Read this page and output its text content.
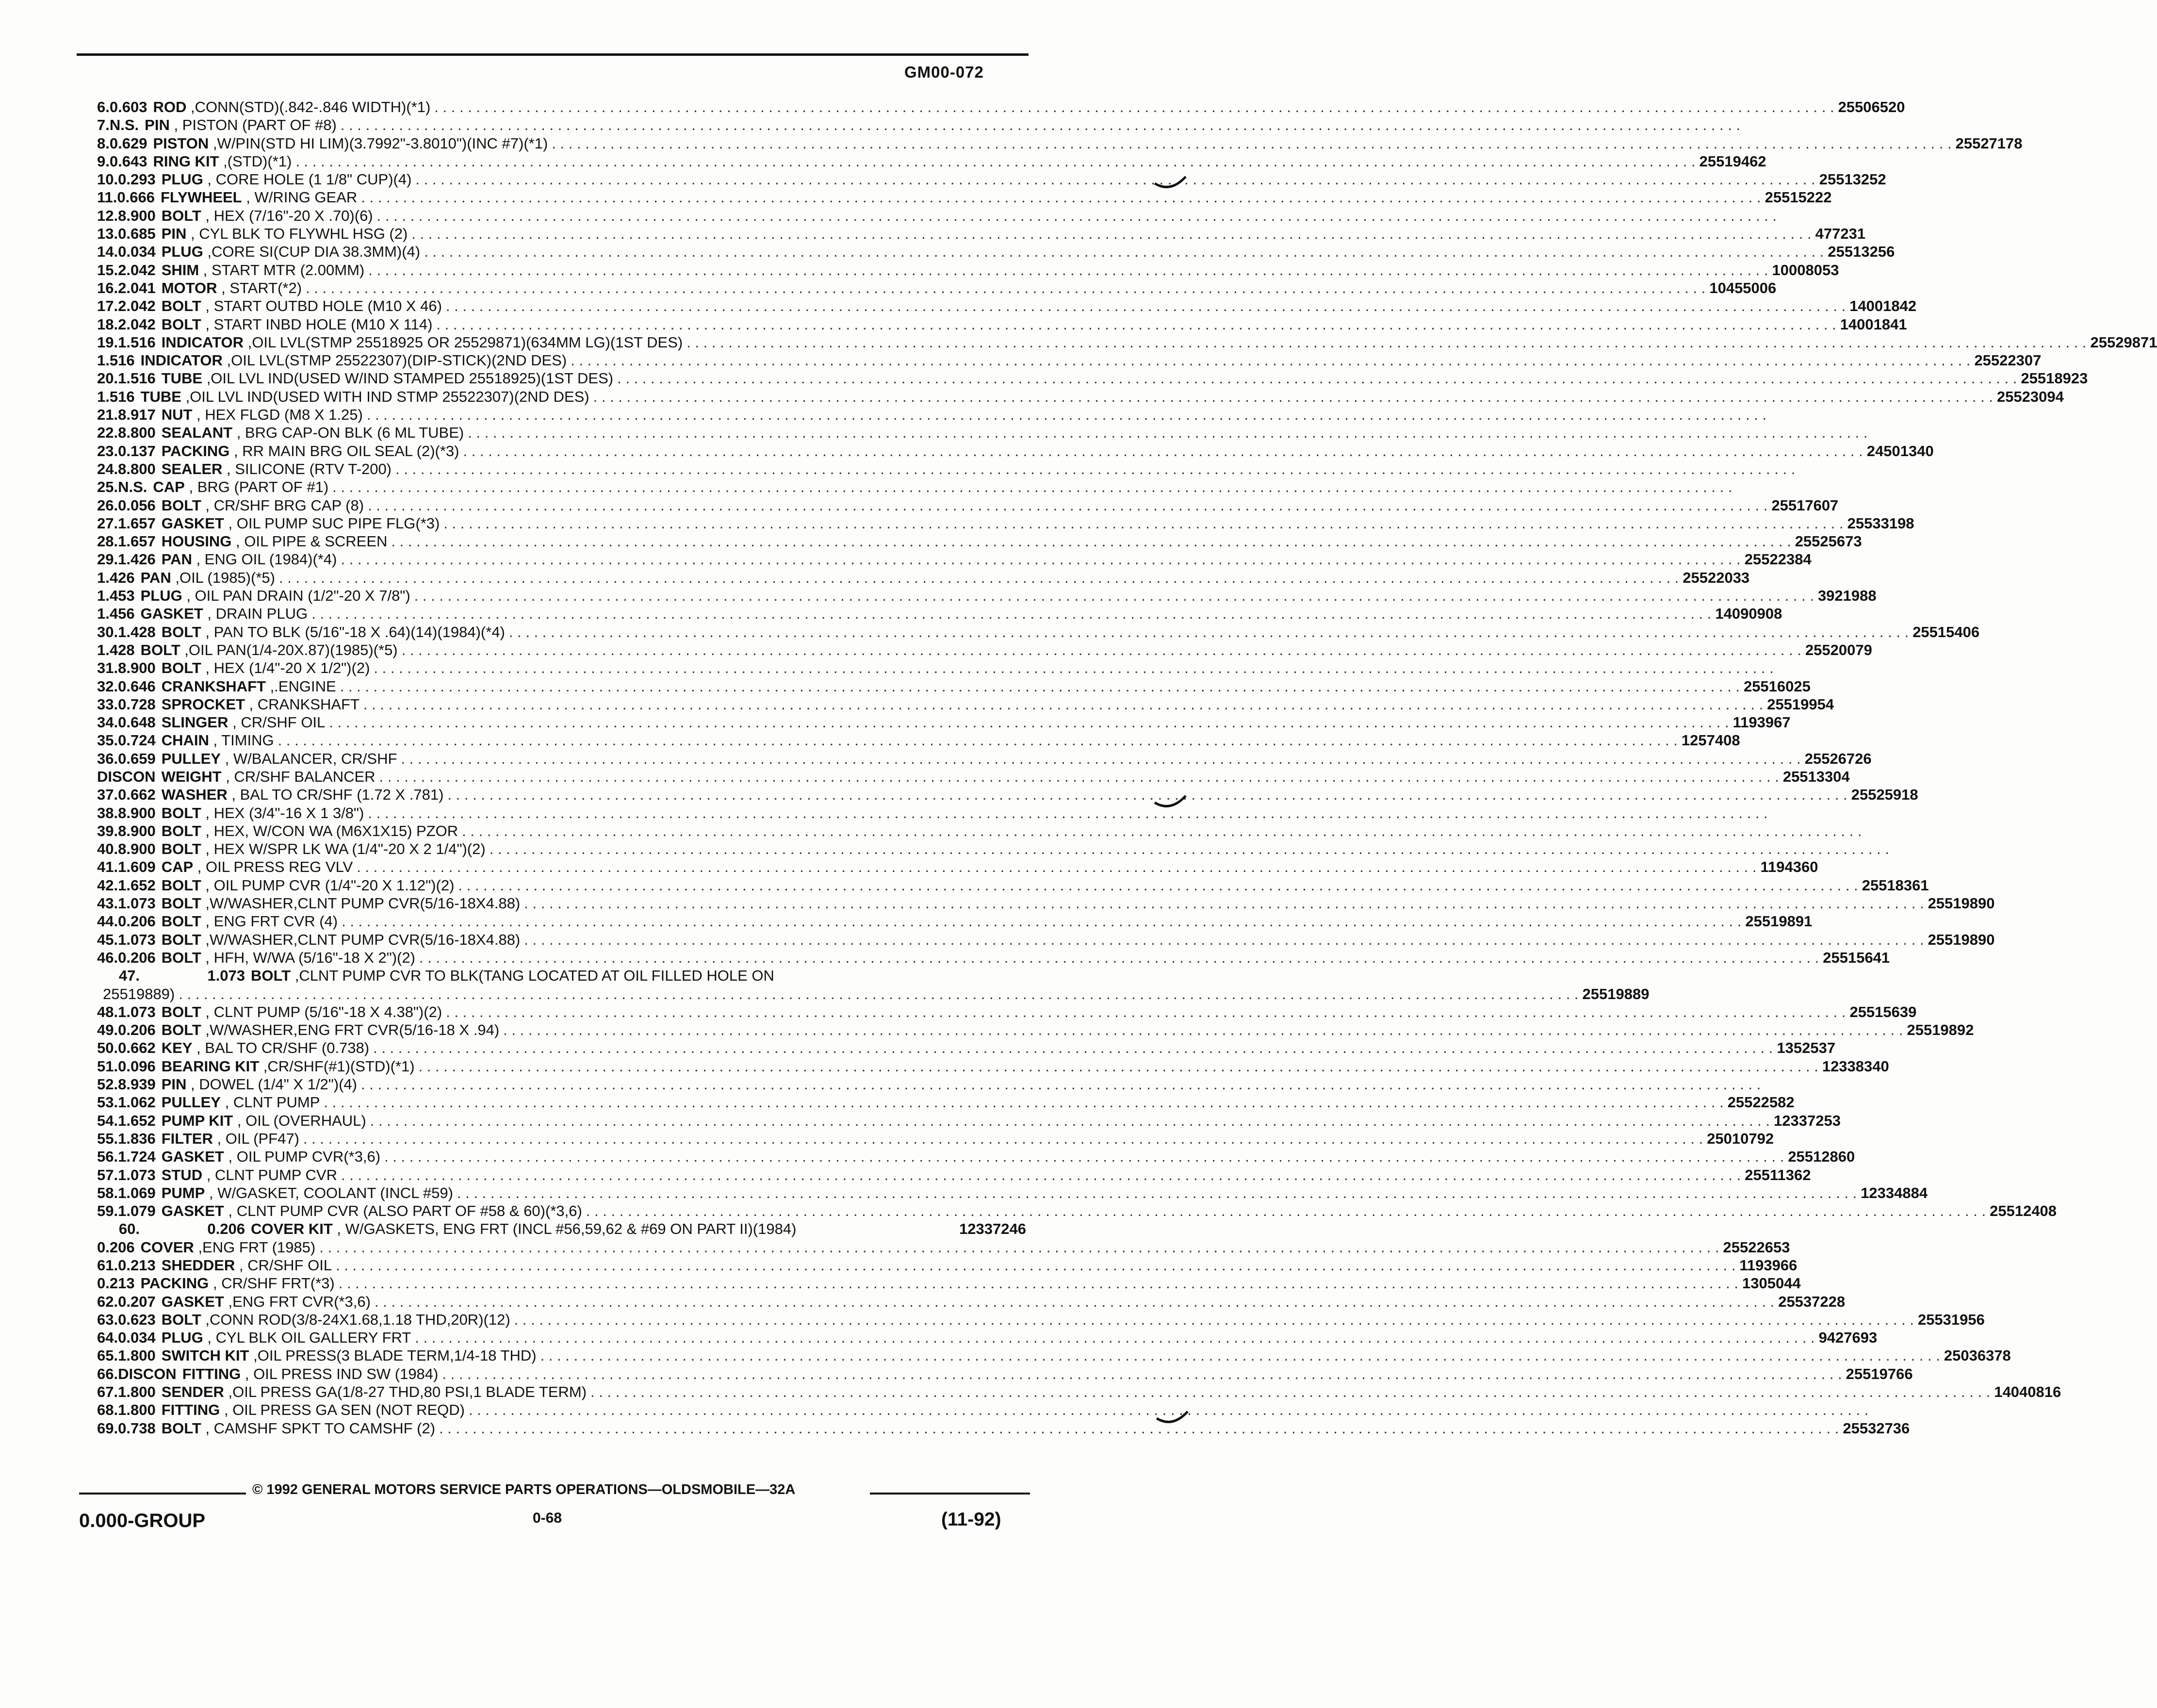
GM00-072
6. 0.603 ROD ,CONN(STD)(.842-.846 WIDTH)(*1) . . .	25506520
7. N.S. PIN , PISTON (PART OF #8)
. . .
8. 0.629 PISTON ,W/PIN(STD HI LIM)(3.7992"-3.8010")(INC #7)(*1) . . .	25527178
9. 0.643 RING KIT ,(STD)(*1) . . .	25519462
10. 0.293 PLUG , CORE HOLE (1 1/8" CUP)(4) . . .	25513252
11. 0.666 FLYWHEEL , W/RING GEAR . . .	25515222
12. 8.900 BOLT , HEX (7/16"-20 X .70)(6)
. . .
13. 0.685 PIN , CYL BLK TO FLYWHL HSG (2) . . .	477231
14. 0.034 PLUG ,CORE SI(CUP DIA 38.3MM)(4) . . .	25513256
15. 2.042 SHIM , START MTR (2.00MM) . . .	10008053
16. 2.041 MOTOR , START(*2) . . .	10455006
17. 2.042 BOLT , START OUTBD HOLE (M10 X 46) . . .	14001842
18. 2.042 BOLT , START INBD HOLE (M10 X 114) . . .	14001841
19. 1.516 INDICATOR ,OIL LVL(STMP 25518925 OR 25529871)(634MM LG)(1ST DES) . . .	25529871
1.516 INDICATOR ,OIL LVL(STMP 25522307)(DIP-STICK)(2ND DES) . . .	25522307
20. 1.516 TUBE ,OIL LVL IND(USED W/IND STAMPED 25518925)(1ST DES) . . .	25518923
1.516 TUBE ,OIL LVL IND(USED WITH IND STMP 25522307)(2ND DES) . . .	25523094
21. 8.917 NUT , HEX FLGD (M8 X 1.25)
. . .
22. 8.800 SEALANT , BRG CAP-ON BLK (6 ML TUBE)
. . .
23. 0.137 PACKING , RR MAIN BRG OIL SEAL (2)(*3) . . .	24501340
24. 8.800 SEALER , SILICONE (RTV T-200)
. . .
25. N.S. CAP , BRG (PART OF #1)
. . .
26. 0.056 BOLT , CR/SHF BRG CAP (8) . . .	25517607
27. 1.657 GASKET , OIL PUMP SUC PIPE FLG(*3) . . .	25533198
28. 1.657 HOUSING , OIL PIPE & SCREEN . . .	25525673
29. 1.426 PAN , ENG OIL (1984)(*4) . . .	25522384
1.426 PAN ,OIL (1985)(*5) . . .	25522033
1.453 PLUG , OIL PAN DRAIN (1/2"-20 X 7/8") . . .	3921988
1.456 GASKET , DRAIN PLUG . . .	14090908
30. 1.428 BOLT , PAN TO BLK (5/16"-18 X .64)(14)(1984)(*4) . . .	25515406
1.428 BOLT ,OIL PAN(1/4-20X.87)(1985)(*5) . . .	25520079
31. 8.900 BOLT , HEX (1/4"-20 X 1/2")(2)
. . .
32. 0.646 CRANKSHAFT ,.ENGINE . . .	25516025
33. 0.728 SPROCKET , CRANKSHAFT . . .	25519954
34. 0.648 SLINGER , CR/SHF OIL . . .	1193967
35. 0.724 CHAIN , TIMING . . .	1257408
36. 0.659 PULLEY , W/BALANCER, CR/SHF . . .	25526726
DISCON WEIGHT , CR/SHF BALANCER . . .	25513304
37. 0.662 WASHER , BAL TO CR/SHF (1.72 X .781) . . .	25525918
38. 8.900 BOLT , HEX (3/4"-16 X 1 3/8")
. . .
39. 8.900 BOLT , HEX, W/CON WA (M6X1X15) PZOR
. . .
40. 8.900 BOLT , HEX W/SPR LK WA (1/4"-20 X 2 1/4")(2)
. . .
41. 1.609 CAP , OIL PRESS REG VLV . . .	1194360
42. 1.652 BOLT , OIL PUMP CVR (1/4"-20 X 1.12")(2) . . .	25518361
43. 1.073 BOLT ,W/WASHER,CLNT PUMP CVR(5/16-18X4.88) . . .	25519890
44. 0.206 BOLT , ENG FRT CVR (4) . . .	25519891
45. 1.073 BOLT ,W/WASHER,CLNT PUMP CVR(5/16-18X4.88) . . .	25519890
46. 0.206 BOLT , HFH, W/WA (5/16"-18 X 2")(2) . . .	25515641
47.	1.073 BOLT ,CLNT PUMP CVR TO BLK(TANG LOCATED AT OIL FILLED HOLE ON
25519889) . . .	25519889
48. 1.073 BOLT , CLNT PUMP (5/16"-18 X 4.38")(2) . . .	25515639
49. 0.206 BOLT ,W/WASHER,ENG FRT CVR(5/16-18 X .94) . . .	25519892
50. 0.662 KEY , BAL TO CR/SHF (0.738) . . .	1352537
51. 0.096 BEARING KIT ,CR/SHF(#1)(STD)(*1) . . .	12338340
52. 8.939 PIN , DOWEL (1/4" X 1/2")(4)
. . .
53. 1.062 PULLEY , CLNT PUMP . . .	25522582
54. 1.652 PUMP KIT , OIL (OVERHAUL) . . .	12337253
55. 1.836 FILTER , OIL (PF47) . . .	25010792
56. 1.724 GASKET , OIL PUMP CVR(*3,6) . . .	25512860
57. 1.073 STUD , CLNT PUMP CVR . . .	25511362
58. 1.069 PUMP , W/GASKET, COOLANT (INCL #59) . . .	12334884
59. 1.079 GASKET , CLNT PUMP CVR (ALSO PART OF #58 & 60)(*3,6) . . .	25512408
60.	0.206 COVER KIT , W/GASKETS, ENG FRT (INCL #56,59,62 & #69 ON PART II)(1984)	12337246
0.206 COVER ,ENG FRT (1985) . . .	25522653
61. 0.213 SHEDDER , CR/SHF OIL . . .	1193966
0.213 PACKING , CR/SHF FRT(*3) . . .	1305044
62. 0.207 GASKET ,ENG FRT CVR(*3,6) . . .	25537228
63. 0.623 BOLT ,CONN ROD(3/8-24X1.68,1.18 THD,20R)(12) . . .	25531956
64. 0.034 PLUG , CYL BLK OIL GALLERY FRT . . .	9427693
65. 1.800 SWITCH KIT ,OIL PRESS(3 BLADE TERM,1/4-18 THD) . . .	25036378
66. DISCON FITTING , OIL PRESS IND SW (1984) . . .	25519766
67. 1.800 SENDER ,OIL PRESS GA(1/8-27 THD,80 PSI,1 BLADE TERM) . . .	14040816
68. 1.800 FITTING , OIL PRESS GA SEN (NOT REQD)
. . .
69. 0.738 BOLT , CAMSHF SPKT TO CAMSHF (2) . . .	25532736
© 1992 GENERAL MOTORS SERVICE PARTS OPERATIONS—OLDSMOBILE—32A
0.000-GROUP	0-68	(11-92)
